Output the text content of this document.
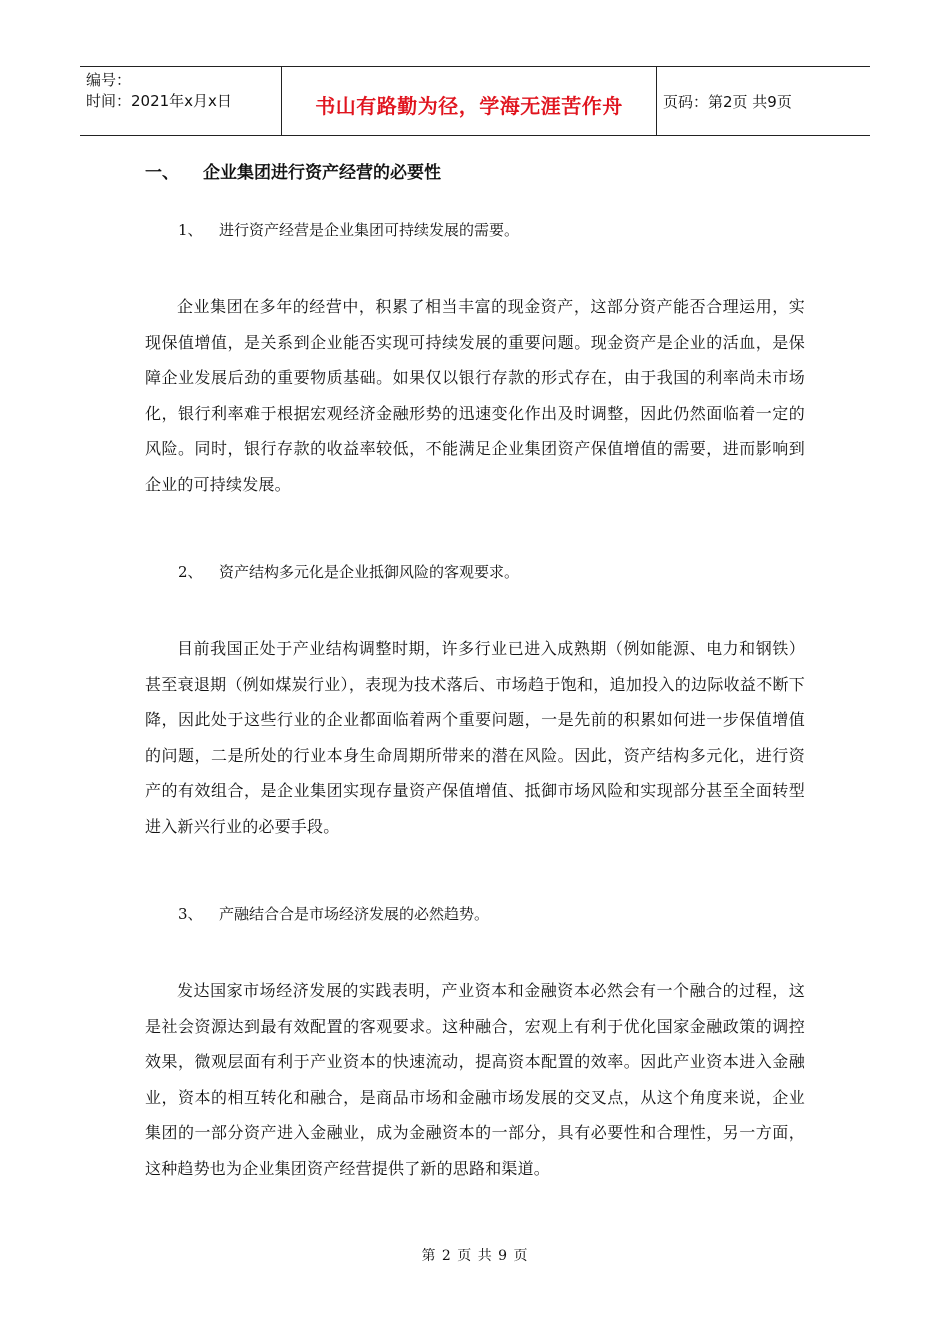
编号：
时间：2021年x月x日	书山有路勤为径，学海无涯苦作舟	页码：第2页 共9页
一、	企业集团进行资产经营的必要性
1、	进行资产经营是企业集团可持续发展的需要。

企业集团在多年的经营中，积累了相当丰富的现金资产，这部分资产能否合理运用，实现保值增值，是关系到企业能否实现可持续发展的重要问题。现金资产是企业的活血，是保障企业发展后劲的重要物质基础。如果仅以银行存款的形式存在，由于我国的利率尚未市场化，银行利率难于根据宏观经济金融形势的迅速变化作出及时调整，因此仍然面临着一定的风险。同时，银行存款的收益率较低，不能满足企业集团资产保值增值的需要，进而影响到企业的可持续发展。

2、	资产结构多元化是企业抵御风险的客观要求。

目前我国正处于产业结构调整时期，许多行业已进入成熟期（例如能源、电力和钢铁）甚至衰退期（例如煤炭行业），表现为技术落后、市场趋于饱和，追加投入的边际收益不断下降，因此处于这些行业的企业都面临着两个重要问题，一是先前的积累如何进一步保值增值的问题，二是所处的行业本身生命周期所带来的潜在风险。因此，资产结构多元化，进行资产的有效组合，是企业集团实现存量资产保值增值、抵御市场风险和实现部分甚至全面转型进入新兴行业的必要手段。

3、	产融结合合是市场经济发展的必然趋势。

发达国家市场经济发展的实践表明，产业资本和金融资本必然会有一个融合的过程，这是社会资源达到最有效配置的客观要求。这种融合，宏观上有利于优化国家金融政策的调控效果，微观层面有利于产业资本的快速流动，提高资本配置的效率。因此产业资本进入金融业，资本的相互转化和融合，是商品市场和金融市场发展的交叉点，从这个角度来说，企业集团的一部分资产进入金融业，成为金融资本的一部分，具有必要性和合理性，另一方面，这种趋势也为企业集团资产经营提供了新的思路和渠道。

第 2 页 共 9 页
